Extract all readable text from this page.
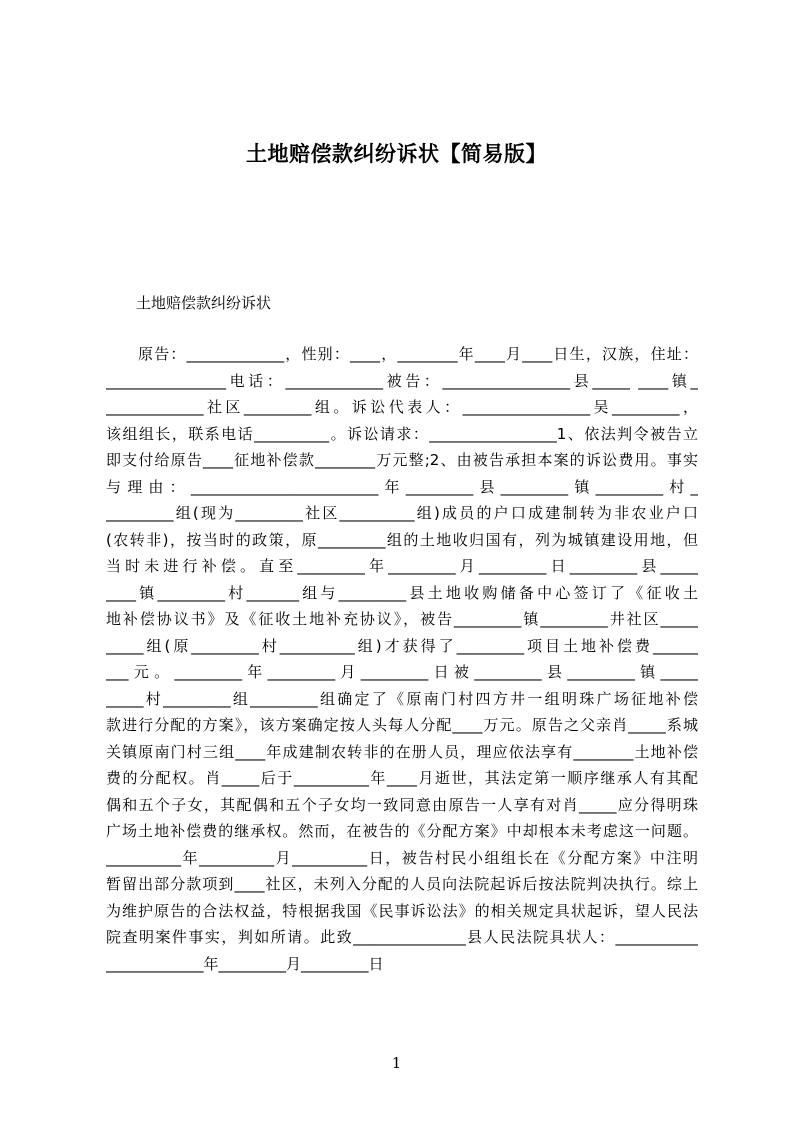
土地赔偿款纠纷诉状【简易版】
土地赔偿款纠纷诉状
原告：_____________，性别：____，________年____月____日生，汉族，住址：
________________电话：_____________被告：_________________县_____ ____镇_
_____________社区_________组。诉讼代表人：_________________吴_________，
该组组长，联系电话__________。诉讼请求：_________________1、依法判令被告立
即支付给原告____征地补偿款________万元整;2、由被告承担本案的诉讼费用。事实
与理由：_________________________年_________县_________镇_________村_
_________组(现为_________社区__________组)成员的户口成建制转为非农业户口
(农转非)，按当时的政策，原_________组的土地收归国有，列为城镇建设用地，但
当时未进行补偿。直至_________年_________月_________日_________县_____
____镇_________村_______组与_________县土地收购储备中心签订了《征收土
地补偿协议书》及《征收土地补充协议》，被告_________镇_________井社区_____
_____组(原_________村__________组)才获得了_________项目土地补偿费______
___元。_________年_________月_________日被_________县_________镇_____
_____村_________组_________组确定了《原南门村四方井一组明珠广场征地补偿
款进行分配的方案》，该方案确定按人头每人分配____万元。原告之父亲肖_____系城
关镇原南门村三组____年成建制农转非的在册人员，理应依法享有________土地补偿
费的分配权。肖_____后于__________年____月逝世，其法定第一顺序继承人有其配
偶和五个子女，其配偶和五个子女均一致同意由原告一人享有对肖_____应分得明珠
广场土地补偿费的继承权。然而，在被告的《分配方案》中却根本未考虑这一问题。
__________年__________月__________日，被告村民小组组长在《分配方案》中注明
暂留出部分款项到____社区，未列入分配的人员向法院起诉后按法院判决执行。综上
为维护原告的合法权益，特根据我国《民事诉讼法》的相关规定具状起诉，望人民法
院查明案件事实，判如所请。此致_______________县人民法院具状人：___________
_____________年_________月_________日
1
